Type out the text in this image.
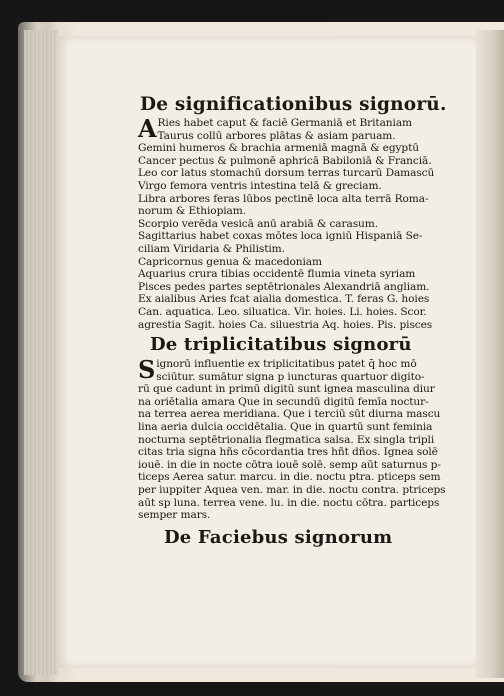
De significationibus signorū.
A Ries habet caput & faciē Germaniā et Britaniam
Taurus collū arbores plātas & asiam paruam.
Gemini humeros & brachia armeniā magnā & egyptū
Cancer pectus & pulmonē aphricā Babiloniā & Franciā.
Leo cor latus stomachū dorsum terras turcarū Damascū
Virgo femora ventris intestina telā & greciam.
Libra arbores feras lūbos pectinē loca alta terrā Roma-
norum & Ethiopiam.
Scorpio verēda vesicā anū arabiā & carasum.
Sagittarius habet coxas mōtes loca igniū Hispaniā Se-
ciliam Viridaria & Philistim.
Capricornus genua & macedoniam
Aquarius crura tibias occidentē flumia vineta syriam
Pisces pedes partes septētrionales Alexandriā angliam.
Ex aialibus Aries fcat aialia domestica. T. feras G. hoies
Can. aquatica. Leo. siluatica. Vir. hoies. Li. hoies. Scor.
agrestia Sagit. hoies Ca. siluestria Aq. hoies. Pis. pisces
De triplicitatibus signorū
Signorū influentie ex triplicitatibus patet q̄ hoc mō
sciūtur. sumātur signa p iuncturas quartuor digito-
rū que cadunt in primū digitū sunt ignea masculina diur
na oriētalia amara Que in secundū digitū femīa noctur-
na terrea aerea meridiana. Que i terciū sūt diurna mascu
lina aeria dulcia occidētalia. Que in quartū sunt feminia
nocturna septētrionalia flegmatica salsa. Ex singla tripli
citas tria signa hñs cōcordantia tres hñt dños. Ignea solē
iouē. in die in nocte cōtra iouē solē. semp aūt saturnus p-
ticeps Aerea satur. marcu. in die. noctu ptra. pticeps sem
per iuppiter Aquea ven. mar. in die. noctu contra. ptriceps
aūt sp luna. terrea vene. lu. in die. noctu cōtra. particeps
semper mars.
De Faciebus signorum
